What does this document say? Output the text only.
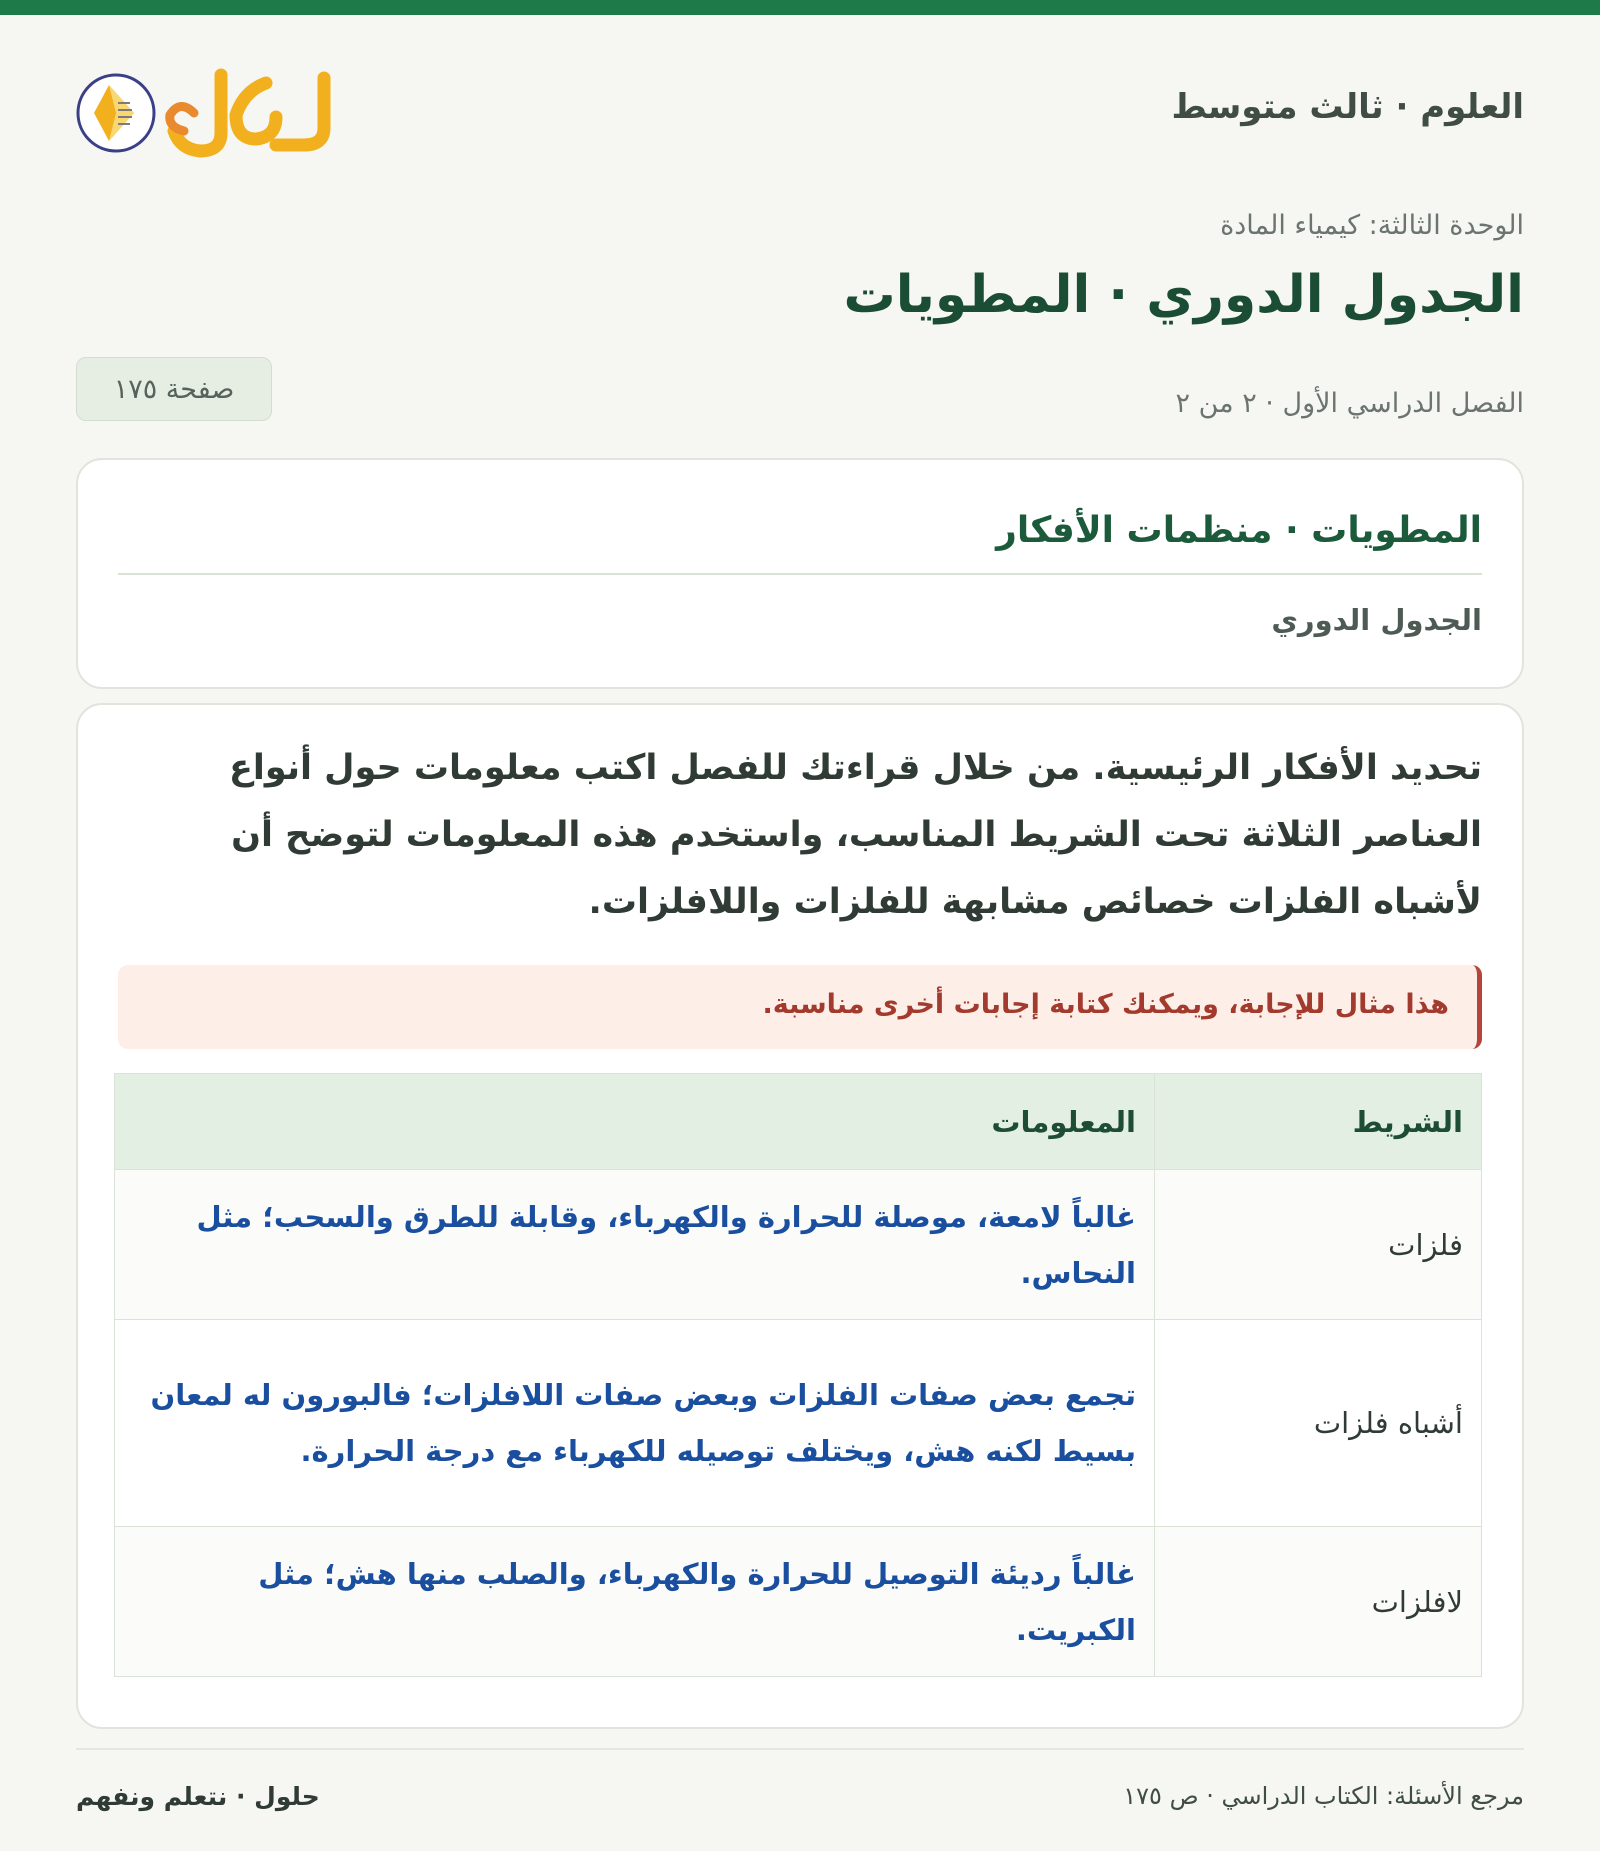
العلوم · ثالث متوسط
الوحدة الثالثة: كيمياء المادة
الجدول الدوري · المطويات
الفصل الدراسي الأول · ٢ من ٢
صفحة ١٧٥
المطويات · منظمات الأفكار
الجدول الدوري
تحديد الأفكار الرئيسية. من خلال قراءتك للفصل اكتب معلومات حول أنواع العناصر الثلاثة تحت الشريط المناسب، واستخدم هذه المعلومات لتوضح أن لأشباه الفلزات خصائص مشابهة للفلزات واللافلزات.
هذا مثال للإجابة، ويمكنك كتابة إجابات أخرى مناسبة.
الشريط	المعلومات
فلزات	غالباً لامعة، موصلة للحرارة والكهرباء، وقابلة للطرق والسحب؛ مثل النحاس.
أشباه فلزات	تجمع بعض صفات الفلزات وبعض صفات اللافلزات؛ فالبورون له لمعان بسيط لكنه هش، ويختلف توصيله للكهرباء مع درجة الحرارة.
لافلزات	غالباً رديئة التوصيل للحرارة والكهرباء، والصلب منها هش؛ مثل الكبريت.
مرجع الأسئلة: الكتاب الدراسي · ص ١٧٥
حلول · نتعلم ونفهم
